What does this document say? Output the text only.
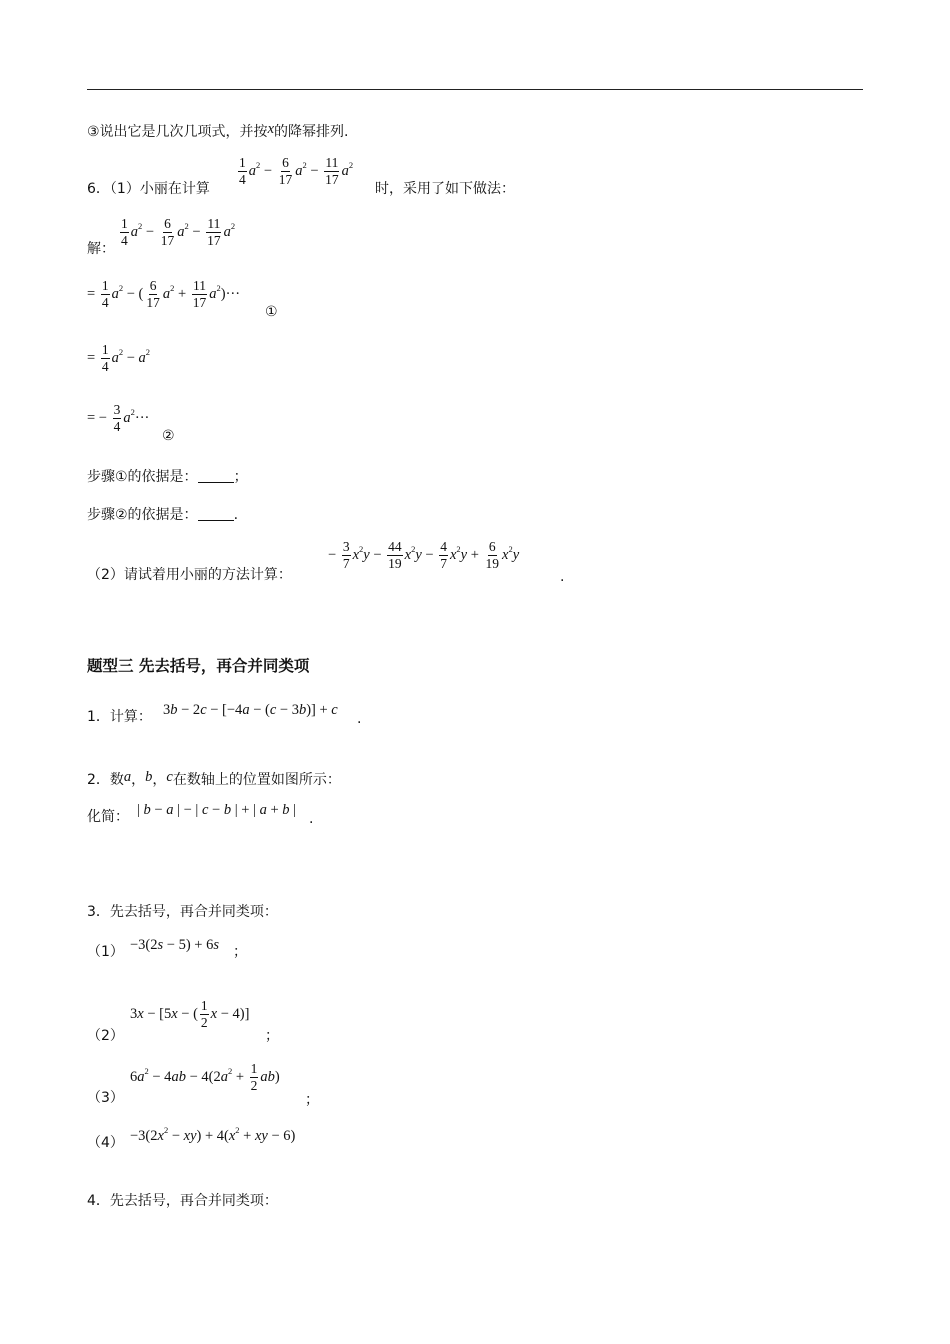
③说出它是几次几项式，并按x的降幂排列.
6．（1）小丽在计算
$\frac{1}{4} a^2 - \frac{6}{17} a^2 - \frac{11}{17} a^2$
时，采用了如下做法：
解：
$\frac{1}{4} a^2 - \frac{6}{17} a^2 - \frac{11}{17} a^2$
= $\frac{1}{4} a^2$ − ( $\frac{6}{17} a^2 + \frac{11}{17} a^2)\cdot\cdot\cdot$
①
= $\frac{1}{4} a^2 - a^2$
= − $\frac{3}{4} a^2\cdot\cdot\cdot$
②
步骤①的依据是：	；
步骤②的依据是：	.
（2）请试着用小丽的方法计算：
− $\frac{3}{7} x^2y - \frac{44}{19} x^2y - \frac{4}{7} x^2y + \frac{6}{19} x^2y$
.
题型三 先去括号，再合并同类项
1．计算： 3b − 2c − [−4a − (c − 3b)] + c
.
2．数a，b，c在数轴上的位置如图所示：
化简： | b − a | − | c − b | + | a + b |
.
3．先去括号，再合并同类项：
（1） −3(2s − 5) + 6s ；
（2）
3x − [5x − ( $\frac{1}{2}$ x − 4)]
；
（3）
$6a^2 - 4ab - 4(2a^2 + \frac{1}{2} ab)$
；
$(4) -3(2x^2 - xy) + 4(x^2$ + xy − 6)
4．先去括号，再合并同类项：
